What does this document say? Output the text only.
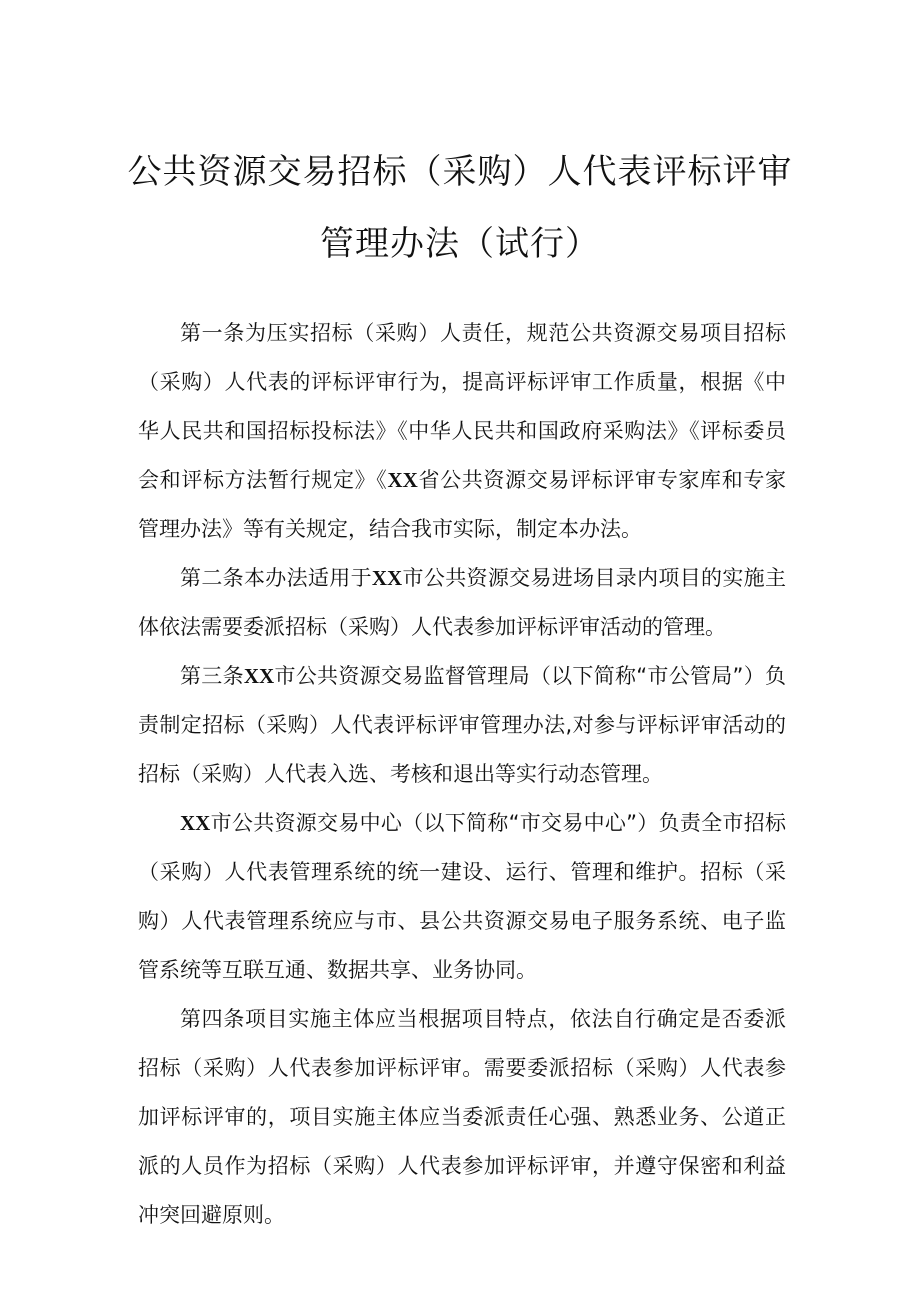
公共资源交易招标（采购）人代表评标评审
管理办法（试行）

第一条为压实招标（采购）人责任，规范公共资源交易项目招标（采购）人代表的评标评审行为，提高评标评审工作质量，根据《中华人民共和国招标投标法》《中华人民共和国政府采购法》《评标委员会和评标方法暂行规定》《XX省公共资源交易评标评审专家库和专家管理办法》等有关规定，结合我市实际，制定本办法。

第二条本办法适用于XX市公共资源交易进场目录内项目的实施主体依法需要委派招标（采购）人代表参加评标评审活动的管理。

第三条XX市公共资源交易监督管理局（以下简称“市公管局”）负责制定招标（采购）人代表评标评审管理办法,对参与评标评审活动的招标（采购）人代表入选、考核和退出等实行动态管理。

XX市公共资源交易中心（以下简称“市交易中心”）负责全市招标（采购）人代表管理系统的统一建设、运行、管理和维护。招标（采购）人代表管理系统应与市、县公共资源交易电子服务系统、电子监管系统等互联互通、数据共享、业务协同。

第四条项目实施主体应当根据项目特点，依法自行确定是否委派招标（采购）人代表参加评标评审。需要委派招标（采购）人代表参加评标评审的，项目实施主体应当委派责任心强、熟悉业务、公道正派的人员作为招标（采购）人代表参加评标评审，并遵守保密和利益冲突回避原则。
